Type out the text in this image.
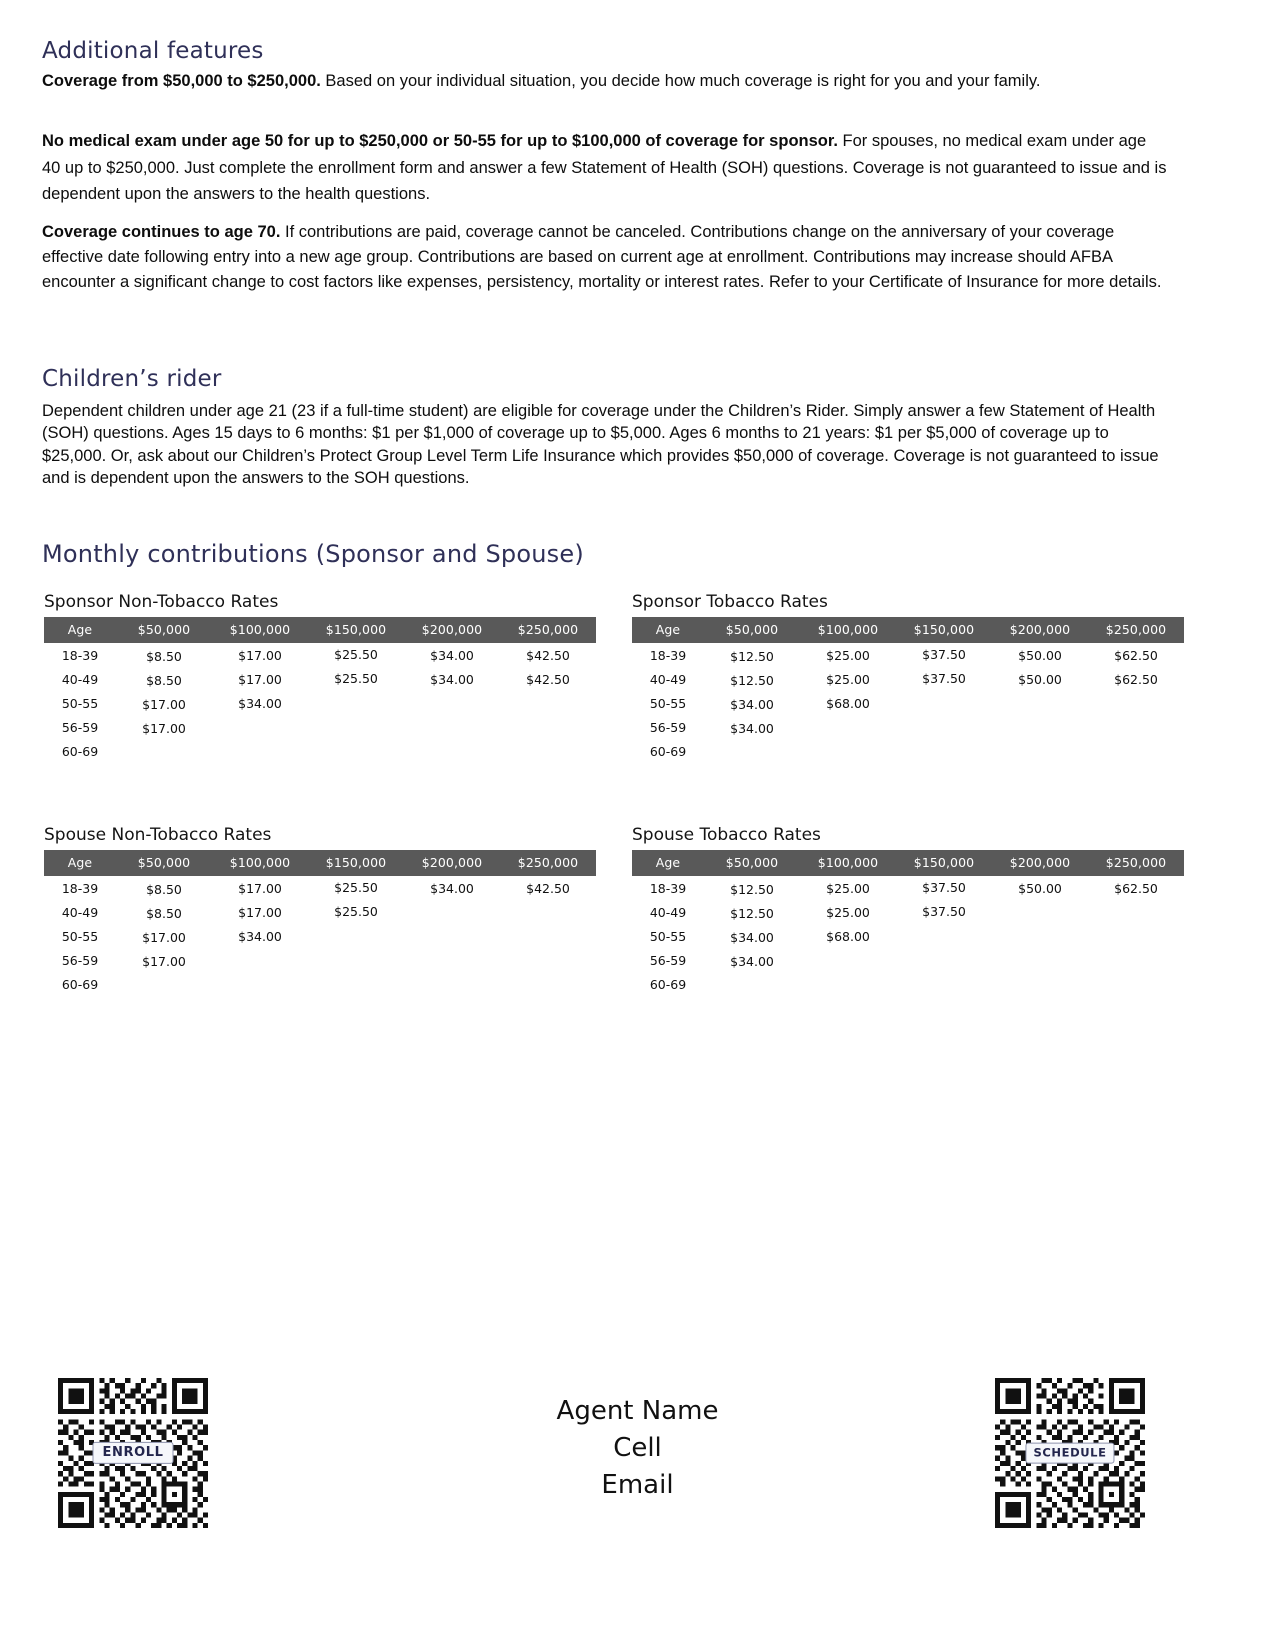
Additional features
Coverage from $50,000 to $250,000. Based on your individual situation, you decide how much coverage is right for you and your family.
No medical exam under age 50 for up to $250,000 or 50-55 for up to $100,000 of coverage for sponsor. For spouses, no medical exam under age 40 up to $250,000. Just complete the enrollment form and answer a few Statement of Health (SOH) questions. Coverage is not guaranteed to issue and is dependent upon the answers to the health questions.
Coverage continues to age 70. If contributions are paid, coverage cannot be canceled. Contributions change on the anniversary of your coverage effective date following entry into a new age group. Contributions are based on current age at enrollment. Contributions may increase should AFBA encounter a significant change to cost factors like expenses, persistency, mortality or interest rates. Refer to your Certificate of Insurance for more details.
Children’s rider
Dependent children under age 21 (23 if a full-time student) are eligible for coverage under the Children’s Rider. Simply answer a few Statement of Health (SOH) questions. Ages 15 days to 6 months: $1 per $1,000 of coverage up to $5,000. Ages 6 months to 21 years: $1 per $5,000 of coverage up to $25,000. Or, ask about our Children’s Protect Group Level Term Life Insurance which provides $50,000 of coverage. Coverage is not guaranteed to issue and is dependent upon the answers to the SOH questions.
Monthly contributions (Sponsor and Spouse)
Sponsor Non-Tobacco Rates
Age	$50,000	$100,000	$150,000	$200,000	$250,000
18-39	$8.50	$17.00	$25.50	$34.00	$42.50
40-49	$8.50	$17.00	$25.50	$34.00	$42.50
50-55	$17.00	$34.00			
56-59	$17.00				
60-69					
Sponsor Tobacco Rates
Age	$50,000	$100,000	$150,000	$200,000	$250,000
18-39	$12.50	$25.00	$37.50	$50.00	$62.50
40-49	$12.50	$25.00	$37.50	$50.00	$62.50
50-55	$34.00	$68.00			
56-59	$34.00				
60-69					
Spouse Non-Tobacco Rates
Age	$50,000	$100,000	$150,000	$200,000	$250,000
18-39	$8.50	$17.00	$25.50	$34.00	$42.50
40-49	$8.50	$17.00	$25.50		
50-55	$17.00	$34.00			
56-59	$17.00				
60-69					
Spouse Tobacco Rates
Age	$50,000	$100,000	$150,000	$200,000	$250,000
18-39	$12.50	$25.00	$37.50	$50.00	$62.50
40-49	$12.50	$25.00	$37.50		
50-55	$34.00	$68.00			
56-59	$34.00				
60-69					
Agent Name
Cell
Email
ENROLL	SCHEDULE
